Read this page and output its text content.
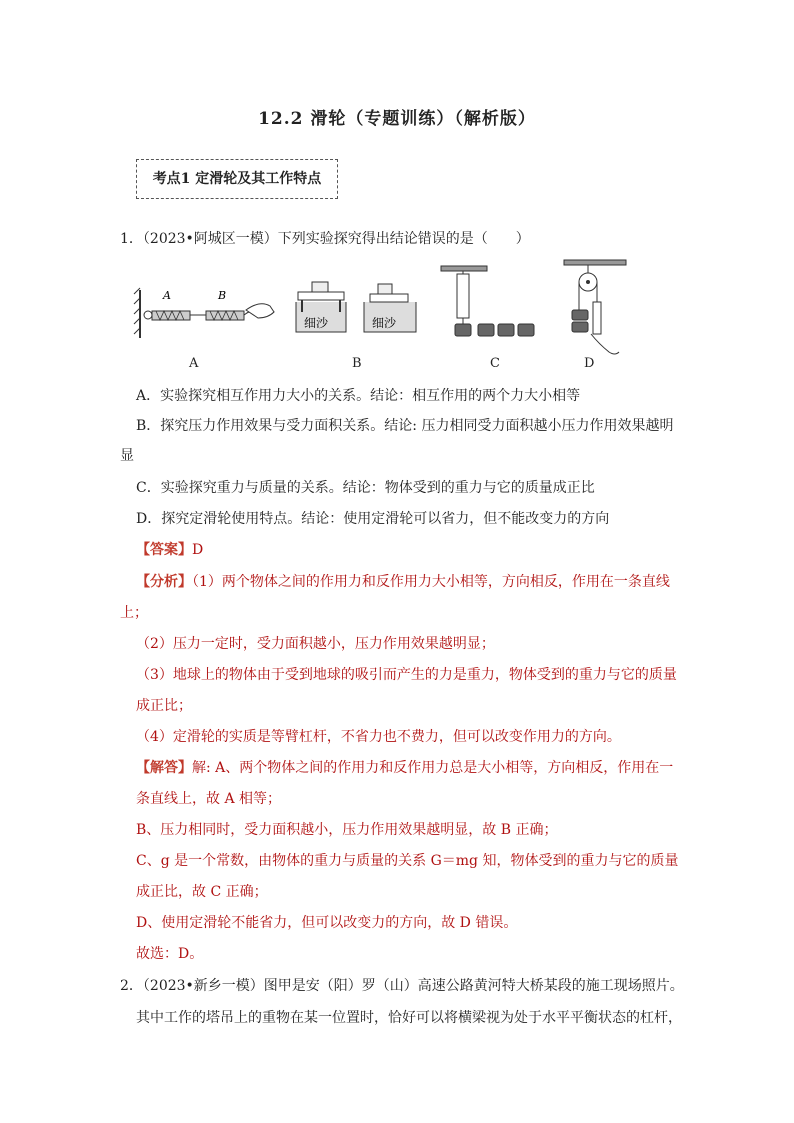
12.2 滑轮（专题训练）（解析版）
考点1 定滑轮及其工作特点
1．（2023•阿城区一模）下列实验探究得出结论错误的是（　　）
A	B
细沙	细沙
A	B	C	D
A．实验探究相互作用力大小的关系。结论：相互作用的两个力大小相等
B．探究压力作用效果与受力面积关系。结论: 压力相同受力面积越小压力作用效果越明
显
C．实验探究重力与质量的关系。结论：物体受到的重力与它的质量成正比
D．探究定滑轮使用特点。结论：使用定滑轮可以省力，但不能改变力的方向
【答案】D
【分析】（1）两个物体之间的作用力和反作用力大小相等，方向相反，作用在一条直线
上；
（2）压力一定时，受力面积越小，压力作用效果越明显；
（3）地球上的物体由于受到地球的吸引而产生的力是重力，物体受到的重力与它的质量
成正比；
（4）定滑轮的实质是等臂杠杆，不省力也不费力，但可以改变作用力的方向。
【解答】解: A、两个物体之间的作用力和反作用力总是大小相等，方向相反，作用在一
条直线上，故 A 相等；
B、压力相同时，受力面积越小，压力作用效果越明显，故 B 正确；
C、g 是一个常数，由物体的重力与质量的关系 G＝mg 知，物体受到的重力与它的质量
成正比，故 C 正确；
D、使用定滑轮不能省力，但可以改变力的方向，故 D 错误。
故选：D。
2．（2023•新乡一模）图甲是安（阳）罗（山）高速公路黄河特大桥某段的施工现场照片。
其中工作的塔吊上的重物在某一位置时，恰好可以将横梁视为处于水平平衡状态的杠杆，
